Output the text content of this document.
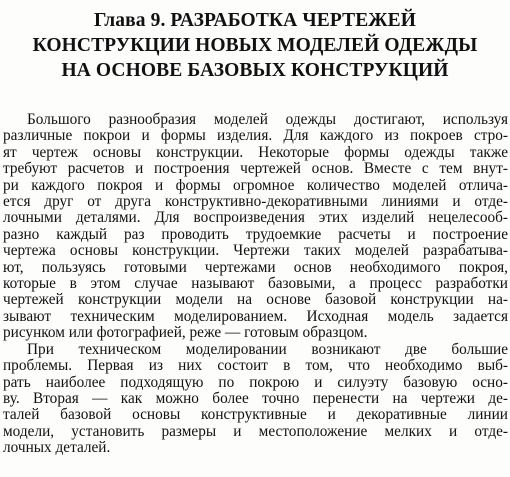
Глава 9. РАЗРАБОТКА ЧЕРТЕЖЕЙ
КОНСТРУКЦИИ НОВЫХ МОДЕЛЕЙ ОДЕЖДЫ
НА ОСНОВЕ БАЗОВЫХ КОНСТРУКЦИЙ

Большого разнообразия моделей одежды достигают, используя
различные покрои и формы изделия. Для каждого из покроев стро-
ят чертеж основы конструкции. Некоторые формы одежды также
требуют расчетов и построения чертежей основ. Вместе с тем внут-
ри каждого покроя и формы огромное количество моделей отлича-
ется друг от друга конструктивно-декоративными линиями и отде-
лочными деталями. Для воспроизведения этих изделий нецелесооб-
разно каждый раз проводить трудоемкие расчеты и построение
чертежа основы конструкции. Чертежи таких моделей разрабатыва-
ют, пользуясь готовыми чертежами основ необходимого покроя,
которые в этом случае называют базовыми, а процесс разработки
чертежей конструкции модели на основе базовой конструкции на-
зывают техническим моделированием. Исходная модель задается
рисунком или фотографией, реже — готовым образцом.

При техническом моделировании возникают две большие
проблемы. Первая из них состоит в том, что необходимо выб-
рать наиболее подходящую по покрою и силуэту базовую осно-
ву. Вторая — как можно более точно перенести на чертежи де-
талей базовой основы конструктивные и декоративные линии
модели, установить размеры и местоположение мелких и отде-
лочных деталей.
